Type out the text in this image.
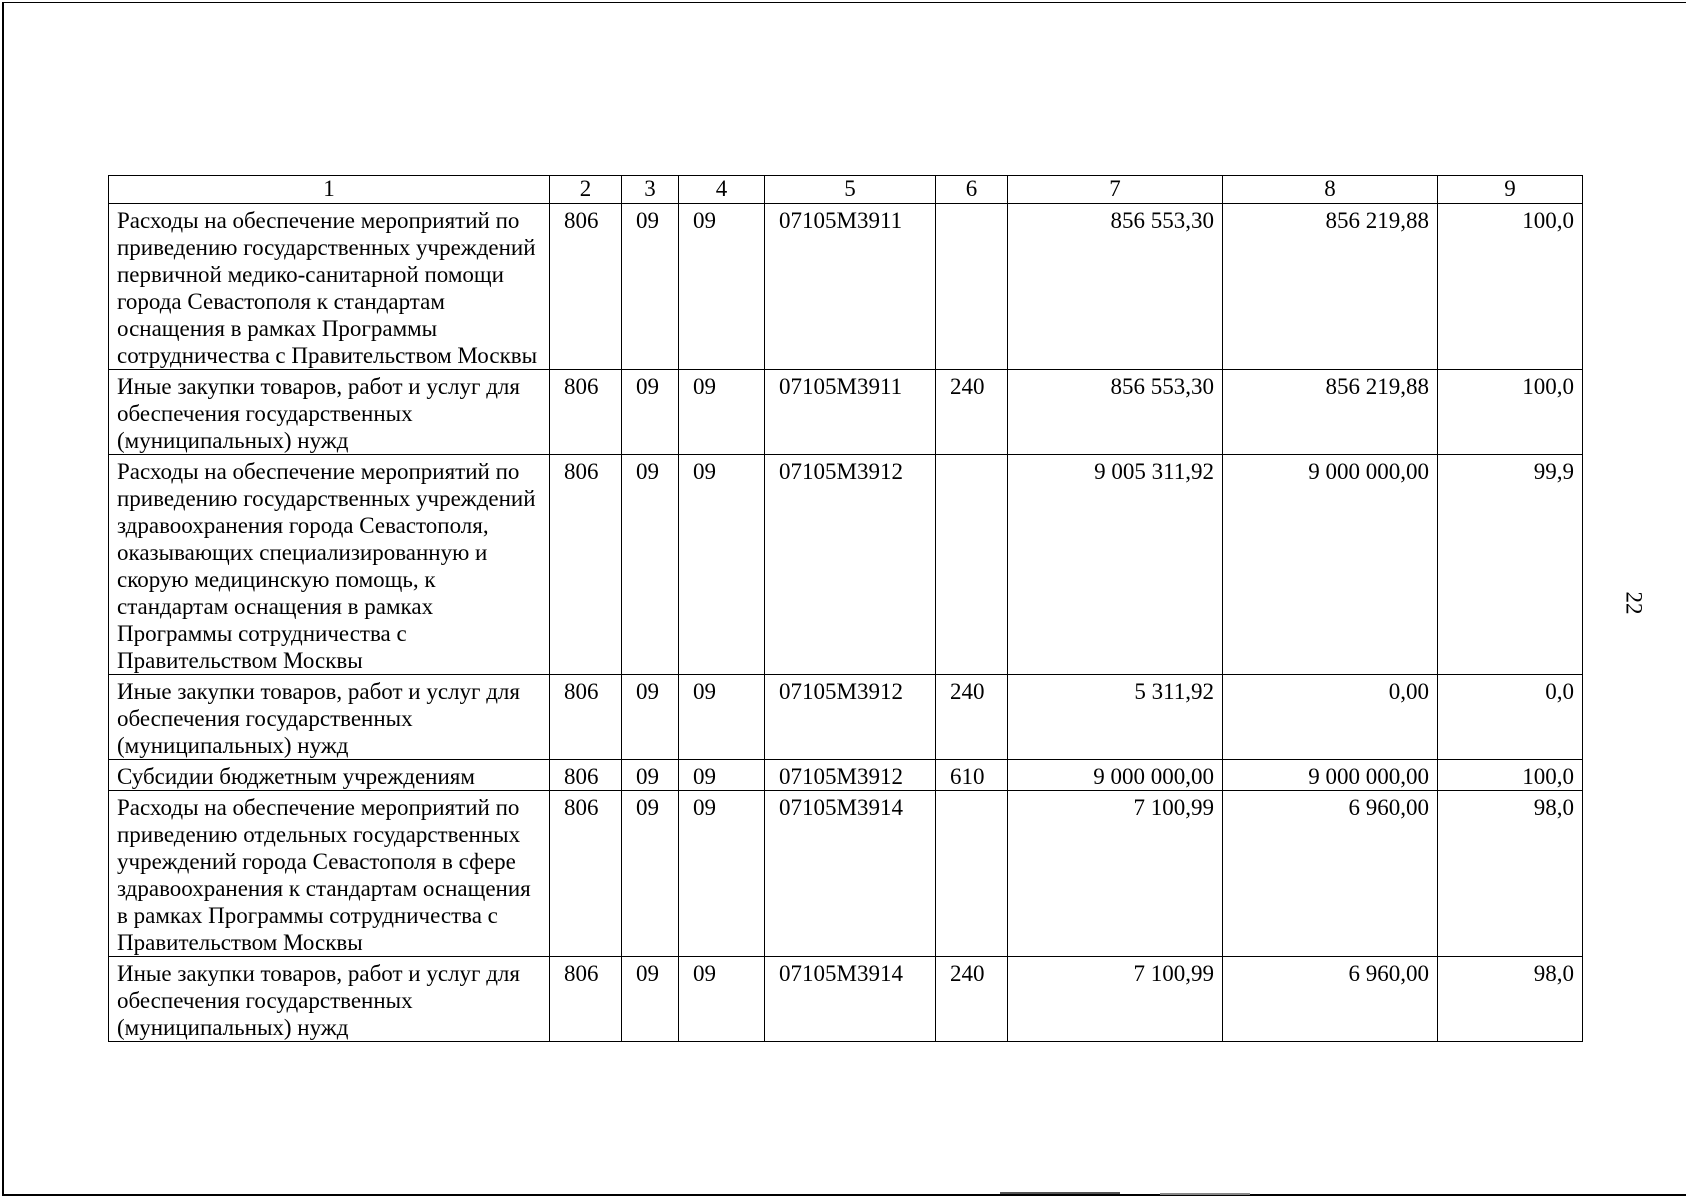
1	2	3	4	5	6	7	8	9
Расходы на обеспечение мероприятий по приведению государственных учреждений первичной медико-санитарной помощи города Севастополя к стандартам оснащения в рамках Программы сотрудничества с Правительством Москвы	806	09	09	07105М3911		856 553,30	856 219,88	100,0
Иные закупки товаров, работ и услуг для обеспечения государственных (муниципальных) нужд	806	09	09	07105М3911	240	856 553,30	856 219,88	100,0
Расходы на обеспечение мероприятий по приведению государственных учреждений здравоохранения города Севастополя, оказывающих специализированную и скорую медицинскую помощь, к стандартам оснащения в рамках Программы сотрудничества с Правительством Москвы	806	09	09	07105М3912		9 005 311,92	9 000 000,00	99,9
Иные закупки товаров, работ и услуг для обеспечения государственных (муниципальных) нужд	806	09	09	07105М3912	240	5 311,92	0,00	0,0
Субсидии бюджетным учреждениям	806	09	09	07105М3912	610	9 000 000,00	9 000 000,00	100,0
Расходы на обеспечение мероприятий по приведению отдельных государственных учреждений города Севастополя в сфере здравоохранения к стандартам оснащения в рамках Программы сотрудничества с Правительством Москвы	806	09	09	07105М3914		7 100,99	6 960,00	98,0
Иные закупки товаров, работ и услуг для обеспечения государственных (муниципальных) нужд	806	09	09	07105М3914	240	7 100,99	6 960,00	98,0
22
